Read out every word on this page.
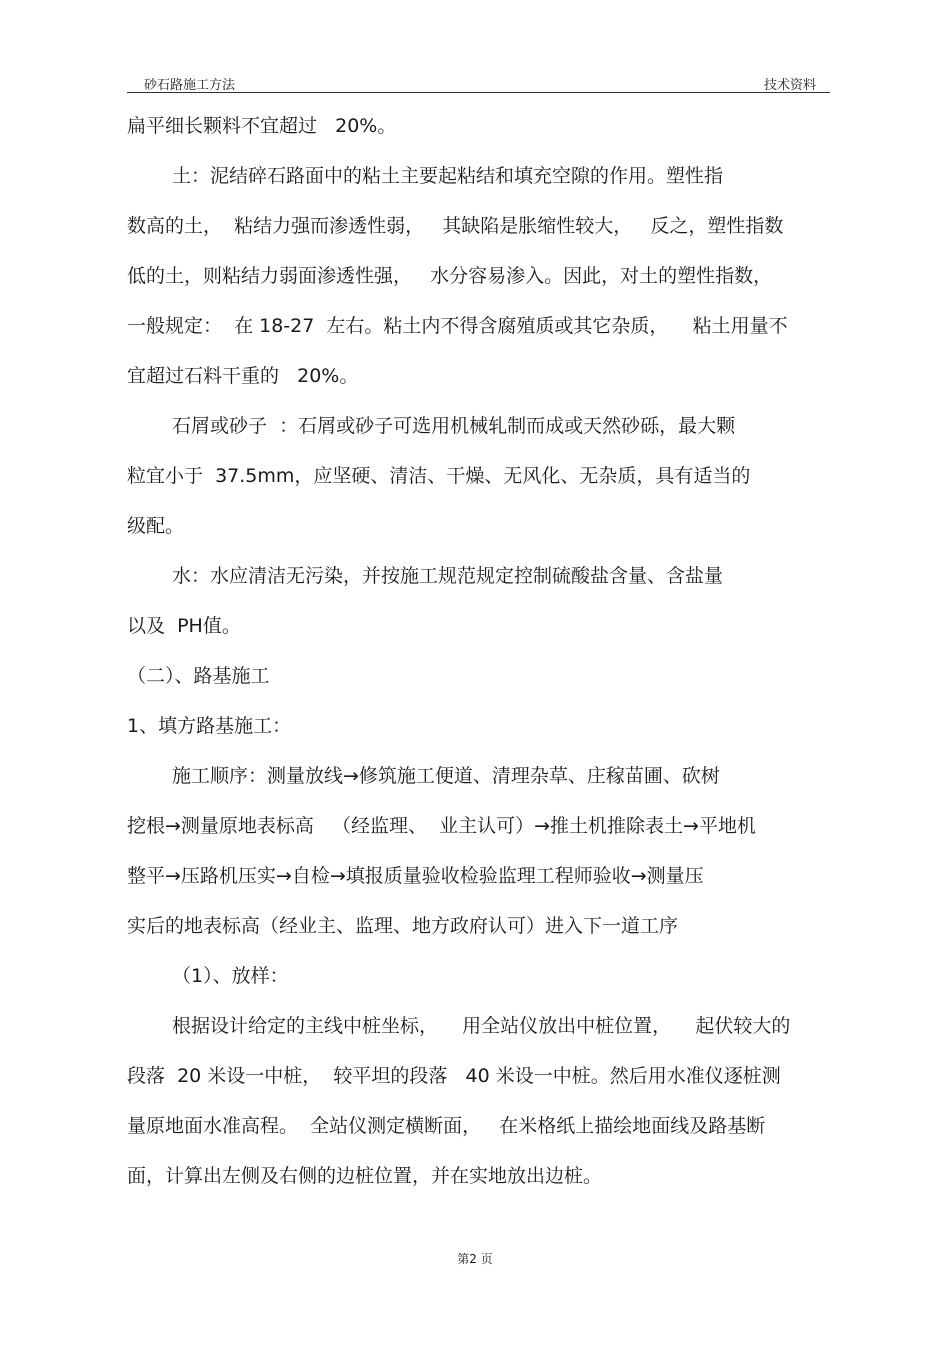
砂石路施工方法	技术资料
扁平细长颗料不宜超过   20%。
土：泥结碎石路面中的粘土主要起粘结和填充空隙的作用。塑性指
数高的土，  粘结力强而渗透性弱，   其缺陷是胀缩性较大，   反之，塑性指数
低的土，则粘结力弱面渗透性强，   水分容易渗入。因此，对土的塑性指数，
一般规定：  在 18-27  左右。粘土内不得含腐殖质或其它杂质，    粘土用量不
宜超过石料干重的   20%。
石屑或砂子  ：石屑或砂子可选用机械轧制而成或天然砂砾，最大颗
粒宜小于  37.5mm，应坚硬、清洁、干燥、无风化、无杂质，具有适当的
级配。
水：水应清洁无污染，并按施工规范规定控制硫酸盐含量、含盐量
以及  PH值。
（二）、路基施工
1、填方路基施工：
施工顺序：测量放线→修筑施工便道、清理杂草、庄稼苗圃、砍树
挖根→测量原地表标高   （经监理、  业主认可）→推土机推除表土→平地机
整平→压路机压实→自检→填报质量验收检验监理工程师验收→测量压
实后的地表标高（经业主、监理、地方政府认可）进入下一道工序
（1）、放样：
根据设计给定的主线中桩坐标，    用全站仪放出中桩位置，    起伏较大的
段落  20 米设一中桩，  较平坦的段落   40 米设一中桩。然后用水准仪逐桩测
量原地面水准高程。  全站仪测定横断面，   在米格纸上描绘地面线及路基断
面，计算出左侧及右侧的边桩位置，并在实地放出边桩。
第2 页
